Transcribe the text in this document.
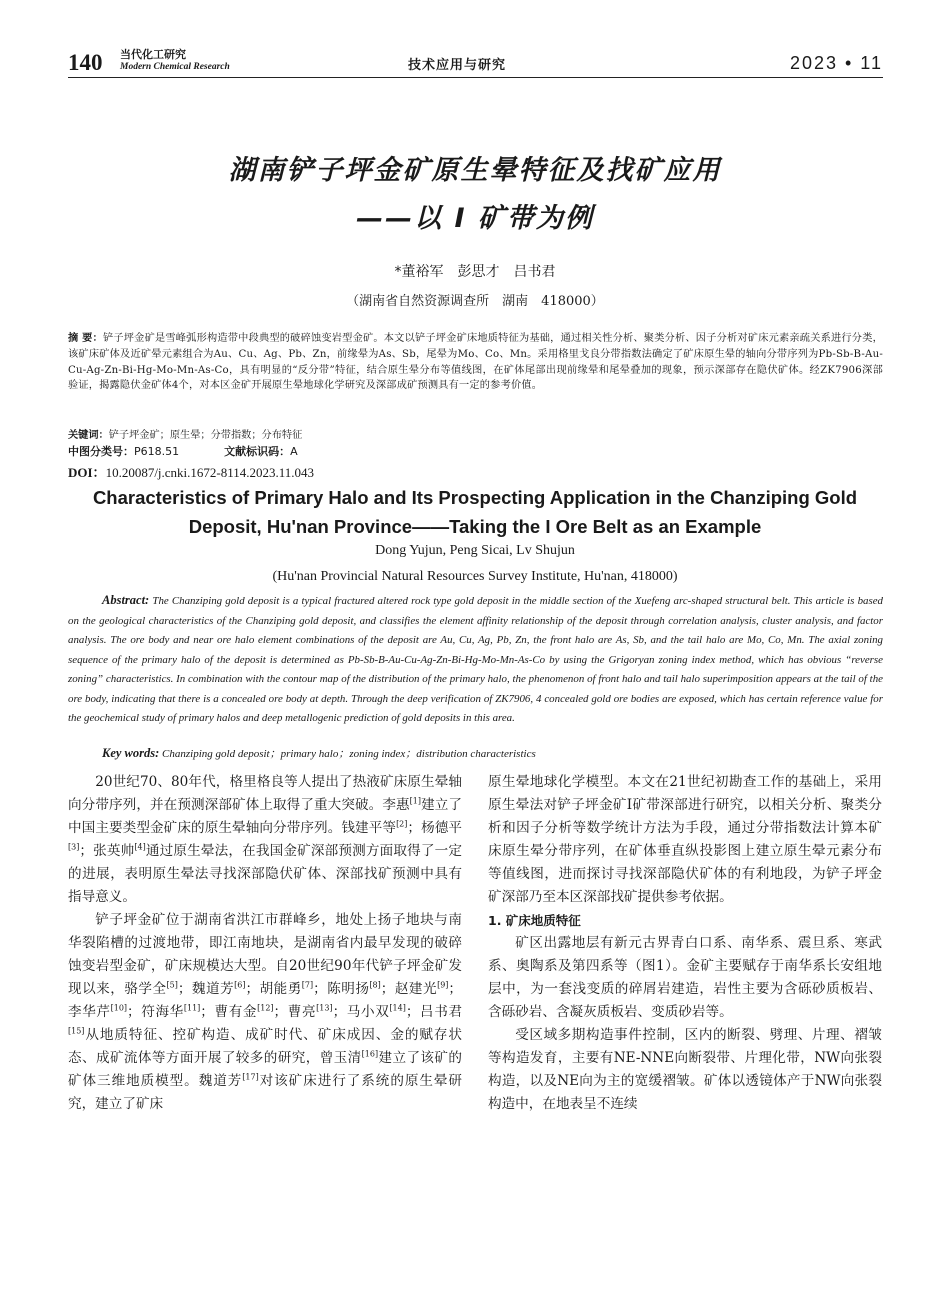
140 当代化工研究
Modern Chemical Research	技术应用与研究	2023 • 11
湖南铲子坪金矿原生晕特征及找矿应用
——以 Ⅰ 矿带为例
*董裕军　彭思才　吕书君
（湖南省自然资源调查所　湖南　418000）
摘 要：铲子坪金矿是雪峰弧形构造带中段典型的破碎蚀变岩型金矿。本文以铲子坪金矿床地质特征为基础，通过相关性分析、聚类分析、因子分析对矿床元素亲疏关系进行分类，该矿床矿体及近矿晕元素组合为Au、Cu、Ag、Pb、Zn，前缘晕为As、Sb，尾晕为Mo、Co、Mn。采用格里戈良分带指数法确定了矿床原生晕的轴向分带序列为Pb-Sb-B-Au-Cu-Ag-Zn-Bi-Hg-Mo-Mn-As-Co，具有明显的“反分带”特征，结合原生晕分布等值线图，在矿体尾部出现前缘晕和尾晕叠加的现象，预示深部存在隐伏矿体。经ZK7906深部验证，揭露隐伏金矿体4个，对本区金矿开展原生晕地球化学研究及深部成矿预测具有一定的参考价值。
关键词：铲子坪金矿；原生晕；分带指数；分布特征
中图分类号：P618.51	文献标识码：A
DOI：10.20087/j.cnki.1672-8114.2023.11.043
Characteristics of Primary Halo and Its Prospecting Application in the Chanziping Gold
Deposit, Hu'nan Province——Taking the I Ore Belt as an Example
Dong Yujun, Peng Sicai, Lv Shujun
(Hu'nan Provincial Natural Resources Survey Institute, Hu'nan, 418000)
Abstract: The Chanziping gold deposit is a typical fractured altered rock type gold deposit in the middle section of the Xuefeng arc-shaped structural belt. This article is based on the geological characteristics of the Chanziping gold deposit, and classifies the element affinity relationship of the deposit through correlation analysis, cluster analysis, and factor analysis. The ore body and near ore halo element combinations of the deposit are Au, Cu, Ag, Pb, Zn, the front halo are As, Sb, and the tail halo are Mo, Co, Mn. The axial zoning sequence of the primary halo of the deposit is determined as Pb-Sb-B-Au-Cu-Ag-Zn-Bi-Hg-Mo-Mn-As-Co by using the Grigoryan zoning index method, which has obvious “reverse zoning” characteristics. In combination with the contour map of the distribution of the primary halo, the phenomenon of front halo and tail halo superimposition appears at the tail of the ore body, indicating that there is a concealed ore body at depth. Through the deep verification of ZK7906, 4 concealed gold ore bodies are exposed, which has certain reference value for the geochemical study of primary halos and deep metallogenic prediction of gold deposits in this area.
Key words: Chanziping gold deposit；primary halo；zoning index；distribution characteristics

20世纪70、80年代，格里格良等人提出了热液矿床原生晕轴向分带序列，并在预测深部矿体上取得了重大突破。李惠[1]建立了中国主要类型金矿床的原生晕轴向分带序列。钱建平等[2]；杨德平[3]；张英帅[4]通过原生晕法，在我国金矿深部预测方面取得了一定的进展，表明原生晕法寻找深部隐伏矿体、深部找矿预测中具有指导意义。

铲子坪金矿位于湖南省洪江市群峰乡，地处上扬子地块与南华裂陷槽的过渡地带，即江南地块，是湖南省内最早发现的破碎蚀变岩型金矿，矿床规模达大型。自20世纪90年代铲子坪金矿发现以来，骆学全[5]；魏道芳[6]；胡能勇[7]；陈明扬[8]；赵建光[9]；李华芹[10]；符海华[11]；曹有金[12]；曹亮[13]；马小双[14]；吕书君[15]从地质特征、控矿构造、成矿时代、矿床成因、金的赋存状态、成矿流体等方面开展了较多的研究，曾玉清[16]建立了该矿的矿体三维地质模型。魏道芳[17]对该矿床进行了系统的原生晕研究，建立了矿床

原生晕地球化学模型。本文在21世纪初勘查工作的基础上，采用原生晕法对铲子坪金矿Ⅰ矿带深部进行研究，以相关分析、聚类分析和因子分析等数学统计方法为手段，通过分带指数法计算本矿床原生晕分带序列，在矿体垂直纵投影图上建立原生晕元素分布等值线图，进而探讨寻找深部隐伏矿体的有利地段，为铲子坪金矿深部乃至本区深部找矿提供参考依据。

1. 矿床地质特征

矿区出露地层有新元古界青白口系、南华系、震旦系、寒武系、奥陶系及第四系等（图1）。金矿主要赋存于南华系长安组地层中，为一套浅变质的碎屑岩建造，岩性主要为含砾砂质板岩、含砾砂岩、含凝灰质板岩、变质砂岩等。

受区域多期构造事件控制，区内的断裂、劈理、片理、褶皱等构造发育，主要有NE-NNE向断裂带、片理化带，NW向张裂构造，以及NE向为主的宽缓褶皱。矿体以透镜体产于NW向张裂构造中，在地表呈不连续
